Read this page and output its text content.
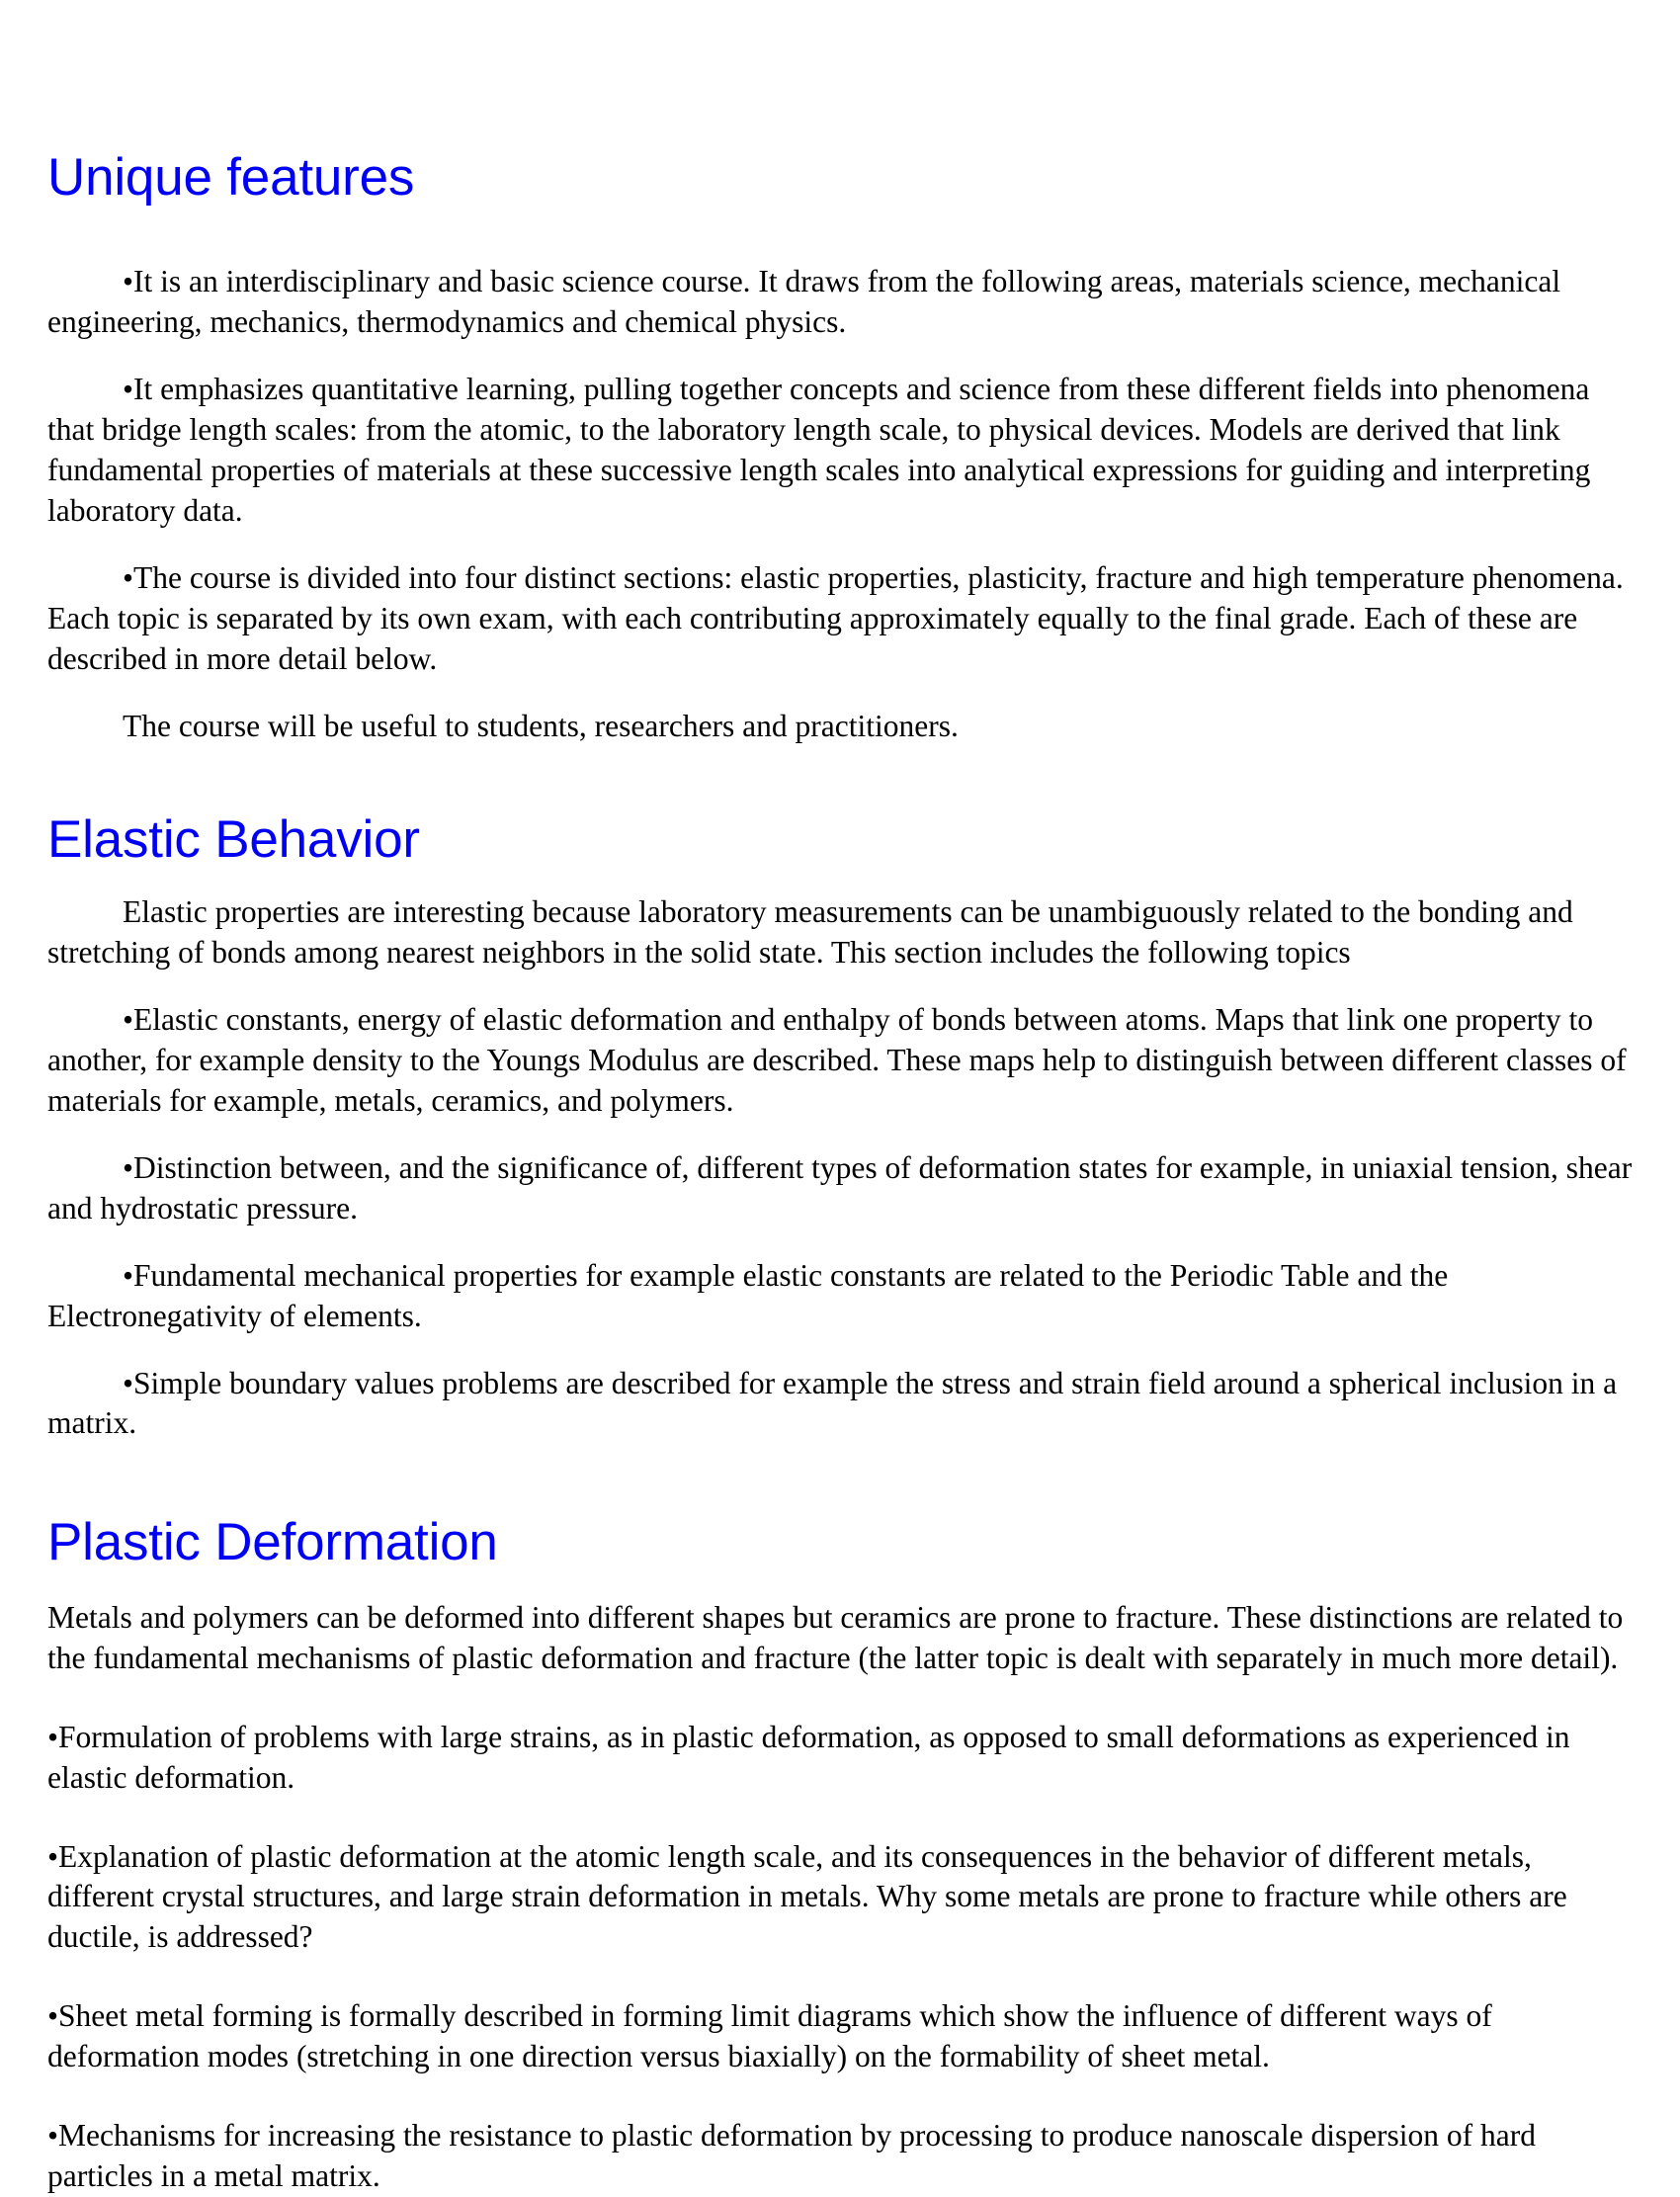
Unique features

•It is an interdisciplinary and basic science course. It draws from the following areas, materials science, mechanical engineering, mechanics, thermodynamics and chemical physics.

•It emphasizes quantitative learning, pulling together concepts and science from these different fields into phenomena that bridge length scales: from the atomic, to the laboratory length scale, to physical devices. Models are derived that link fundamental properties of materials at these successive length scales into analytical expressions for guiding and interpreting laboratory data.

•The course is divided into four distinct sections: elastic properties, plasticity, fracture and high temperature phenomena. Each topic is separated by its own exam, with each contributing approximately equally to the final grade. Each of these are described in more detail below.

The course will be useful to students, researchers and practitioners.

Elastic Behavior

Elastic properties are interesting because laboratory measurements can be unambiguously related to the bonding and stretching of bonds among nearest neighbors in the solid state. This section includes the following topics

•Elastic constants, energy of elastic deformation and enthalpy of bonds between atoms. Maps that link one property to another, for example density to the Youngs Modulus are described. These maps help to distinguish between different classes of materials for example, metals, ceramics, and polymers.

•Distinction between, and the significance of, different types of deformation states for example, in uniaxial tension, shear and hydrostatic pressure.

•Fundamental mechanical properties for example elastic constants are related to the Periodic Table and the Electronegativity of elements.

•Simple boundary values problems are described for example the stress and strain field around a spherical inclusion in a matrix.

Plastic Deformation

Metals and polymers can be deformed into different shapes but ceramics are prone to fracture. These distinctions are related to the fundamental mechanisms of plastic deformation and fracture (the latter topic is dealt with separately in much more detail).

•Formulation of problems with large strains, as in plastic deformation, as opposed to small deformations as experienced in elastic deformation.

•Explanation of plastic deformation at the atomic length scale, and its consequences in the behavior of different metals, different crystal structures, and large strain deformation in metals. Why some metals are prone to fracture while others are ductile, is addressed?

•Sheet metal forming is formally described in forming limit diagrams which show the influence of different ways of deformation modes (stretching in one direction versus biaxially) on the formability of sheet metal.

•Mechanisms for increasing the resistance to plastic deformation by processing to produce nanoscale dispersion of hard particles in a metal matrix.
